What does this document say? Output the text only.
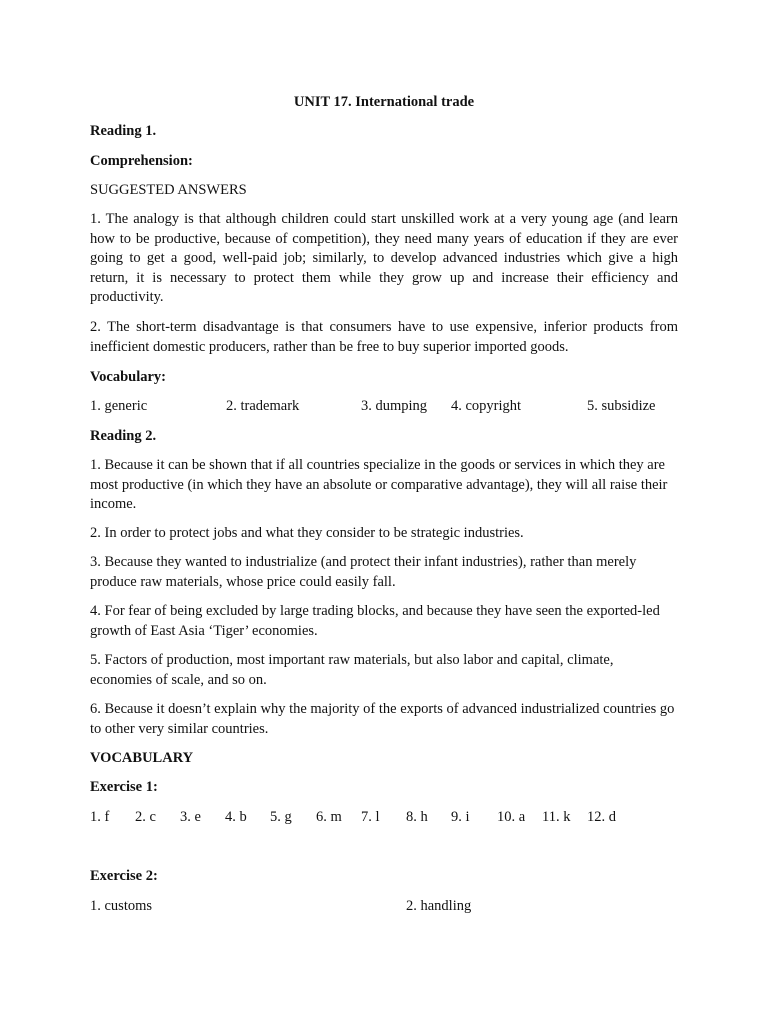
UNIT 17. International trade

Reading 1.

Comprehension:

SUGGESTED ANSWERS

1. The analogy is that although children could start unskilled work at a very young age (and learn how to be productive, because of competition), they need many years of education if they are ever going to get a good, well-paid job; similarly, to develop advanced industries which give a high return, it is necessary to protect them while they grow up and increase their efficiency and productivity.

2. The short-term disadvantage is that consumers have to use expensive, inferior products from inefficient domestic producers, rather than be free to buy superior imported goods.

Vocabulary:

1. generic	2. trademark	3. dumping 4. copyright	5. subsidize

Reading 2.

1. Because it can be shown that if all countries specialize in the goods or services in which they are most productive (in which they have an absolute or comparative advantage), they will all raise their income.

2. In order to protect jobs and what they consider to be strategic industries.

3. Because they wanted to industrialize (and protect their infant industries), rather than merely produce raw materials, whose price could easily fall.

4. For fear of being excluded by large trading blocks, and because they have seen the exported-led growth of East Asia ‘Tiger’ economies.

5. Factors of production, most important raw materials, but also labor and capital, climate, economies of scale, and so on.

6. Because it doesn’t explain why the majority of the exports of advanced industrialized countries go to other very similar countries.

VOCABULARY

Exercise 1:

1. f 2. c 3. e 4. b 5. g 6. m 7. l 8. h 9. i 10. a 11. k 12. d

Exercise 2:

1. customs	2. handling
